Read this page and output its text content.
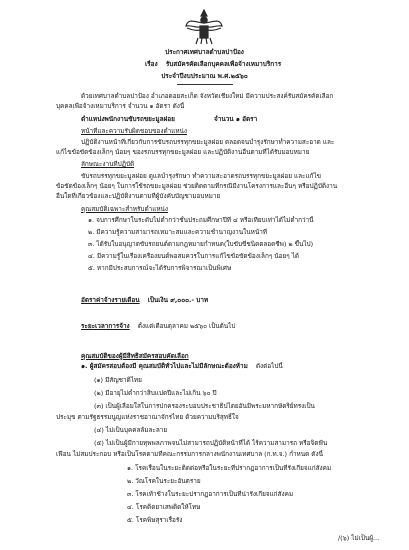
ประกาศเทศบาลตำบลปาป้อง
เรื่อง รับสมัครคัดเลือกบุคคลเพื่อจ้างเหมาบริการ
ประจำปีงบประมาณ พ.ศ.๒๕๖๐
ด้วยเทศบาลตำบลปาป้อง อำเภอดอยสะเก็ด จังหวัดเชียงใหม่ มีความประสงค์รับสมัครคัดเลือก
บุคคลเพื่อจ้างเหมาบริการ จำนวน ๑ อัตรา ดังนี้
ตำแหน่งพนักงานขับรถขยะมูลฝอย	จำนวน ๑ อัตรา
หน้าที่และความรับผิดชอบของตำแหน่ง
ปฏิบัติงานหน้าที่เกี่ยวกับการขับรถบรรทุกขยะมูลฝอย ตลอดจนบำรุงรักษาทำความสะอาด และ
แก้ไขข้อขัดข้องเล็กๆ น้อยๆ ของรถบรรทุกขยะมูลฝอย และปฏิบัติงานอื่นตามที่ได้รับมอบหมาย
ลักษณะงานที่ปฏิบัติ
ขับรถบรรทุกขยะมูลฝอย ดูแลบำรุงรักษา ทำความสะอาดรถบรรทุกขยะมูลฝอย และแก้ไข
ข้อขัดข้องเล็กๆ น้อยๆ ในการใช้รถขยะมูลฝอย ช่วยติดตามที่กรณีมีงานโครงการและอื่นๆ หรือปฏิบัติงาน
อื่นใดที่เกี่ยวข้องและปฏิบัติงานตามที่ผู้บังคับบัญชามอบหมาย
คุณสมบัติเฉพาะสำหรับตำแหน่ง
๑. จบการศึกษาในระดับไม่ต่ำกว่าชั้นประถมศึกษาปีที่ ๔ หรือเทียบเท่าได้ไม่ต่ำกว่านี้
๒. มีความรู้ความสามารถเหมาะสมและความชำนาญงานในหน้าที่
๓. ได้รับใบอนุญาตขับรถยนต์ตามกฎหมายกำหนด(ใบขับขี่ชนิดตลอดชีพ) ๒ ขึ้นไป)
๔. มีความรู้ในเรื่องเครื่องยนต์พอสมควรในการแก้ไขข้อขัดข้องเล็กๆ น้อยๆ ได้
๕. หากมีประสบการณ์จะได้รับการพิจารณาเป็นพิเศษ
อัตราค่าจ้างรายเดือน เป็นเงิน ๙,๐๐๐.- บาท
ระยะเวลาการจ้าง ตั้งแต่เดือนตุลาคม ๒๕๖๐ เป็นต้นไป
คุณสมบัติของผู้มีสิทธิสมัครสอบคัดเลือก
๑. ผู้สมัครสอบต้องมี คุณสมบัติทั่วไปและไม่มีลักษณะต้องห้าม ดังต่อไปนี้
(๑) มีสัญชาติไทย
(๒) มีอายุไม่ต่ำกว่าสิบแปดปีและไม่เกิน ๖๐ ปี
(๓) เป็นผู้เลื่อมใสในการปกครองระบอบประชาธิปไตยอันมีพระมหากษัตริย์ทรงเป็น
ประมุข ตามรัฐธรรมนูญแห่งราชอาณาจักรไทย ด้วยความบริสุทธิ์ใจ
(๔) ไม่เป็นบุคคลล้มละลาย
(๕) ไม่เป็นผู้มีกายทุพพลภาพจนไม่สามารถปฏิบัติหน้าที่ได้ ไร้ความสามารถ หรือจิตฟั่น
เฟือน ไม่สมประกอบ หรือเป็นโรคตามที่คณะกรรมการกลางพนักงานเทศบาล (ก.ท.จ.) กำหนด ดังนี้
๑. โรคเรื้อนในระยะติดต่อหรือในระยะที่ปรากฏอาการเป็นที่รังเกียจแก่สังคม
๒. วัณโรคในระยะอันตราย
๓. โรคเท้าช้างในระยะปรากฏอาการเป็นที่น่ารังเกียจแก่สังคม
๔. โรคติดยาเสพติดให้โทษ
๕. โรคพิษสุราเรื้อรัง
/(๖) ไม่เป็นผู้...
